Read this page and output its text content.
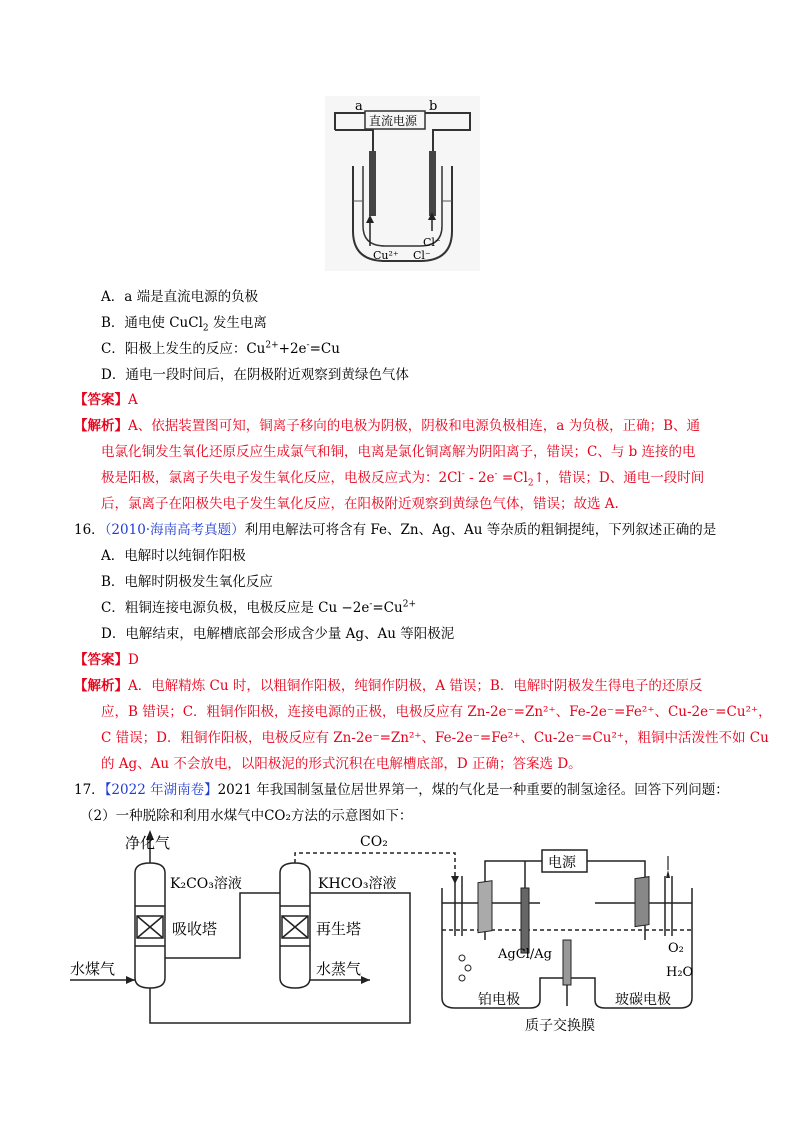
a	b
直流电源
Cl⁻
Cu²⁺ Cl⁻
A．a 端是直流电源的负极
B．通电使 CuCl$_2$ 发生电离
C．阳极上发生的反应：$Cu^{2+}+2e^-=Cu$
D．通电一段时间后，在阴极附近观察到黄绿色气体
【答案】A
【解析】A、依据装置图可知，铜离子移向的电极为阴极，阴极和电源负极相连，a 为负极，正确；B、通
电氯化铜发生氧化还原反应生成氯气和铜，电离是氯化铜离解为阴阳离子，错误；C、与 b 连接的电
极是阳极，氯离子失电子发生氧化反应，电极反应式为：$2Cl^- - 2e^- =Cl_2↑$，错误；D、通电一段时间
后，氯离子在阳极失电子发生氧化反应，在阳极附近观察到黄绿色气体，错误；故选 A.
16．（2010·海南高考真题）利用电解法可将含有 Fe、Zn、Ag、Au 等杂质的粗铜提纯，下列叙述正确的是
A．电解时以纯铜作阳极
B．电解时阴极发生氧化反应
C．粗铜连接电源负极，电极反应是 $Cu -2e^-=Cu^{2+}$
D．电解结束，电解槽底部会形成含少量 Ag、Au 等阳极泥
【答案】D
【解析】A．电解精炼 Cu 时，以粗铜作阳极，纯铜作阴极，A 错误；B．电解时阴极发生得电子的还原反
应，B 错误；C．粗铜作阳极，连接电源的正极，电极反应有 Zn-2e⁻=Zn²⁺、Fe-2e⁻=Fe²⁺、Cu-2e⁻=Cu²⁺，
C 错误；D．粗铜作阳极，电极反应有 Zn-2e⁻=Zn²⁺、Fe-2e⁻=Fe²⁺、Cu-2e⁻=Cu²⁺，粗铜中活泼性不如 Cu
的 Ag、Au 不会放电，以阳极泥的形式沉积在电解槽底部，D 正确；答案选 D。
17．【2022 年湖南卷】2021 年我国制氢量位居世界第一，煤的气化是一种重要的制氢途径。回答下列问题：
（2）一种脱除和利用水煤气中CO₂方法的示意图如下：
净化气	CO₂
K₂CO₃溶液	KHCO₃溶液
吸收塔	再生塔
水煤气	水蒸气
电源
AgCl/Ag	O₂
H₂O
铂电极	玻碳电极
质子交换膜
